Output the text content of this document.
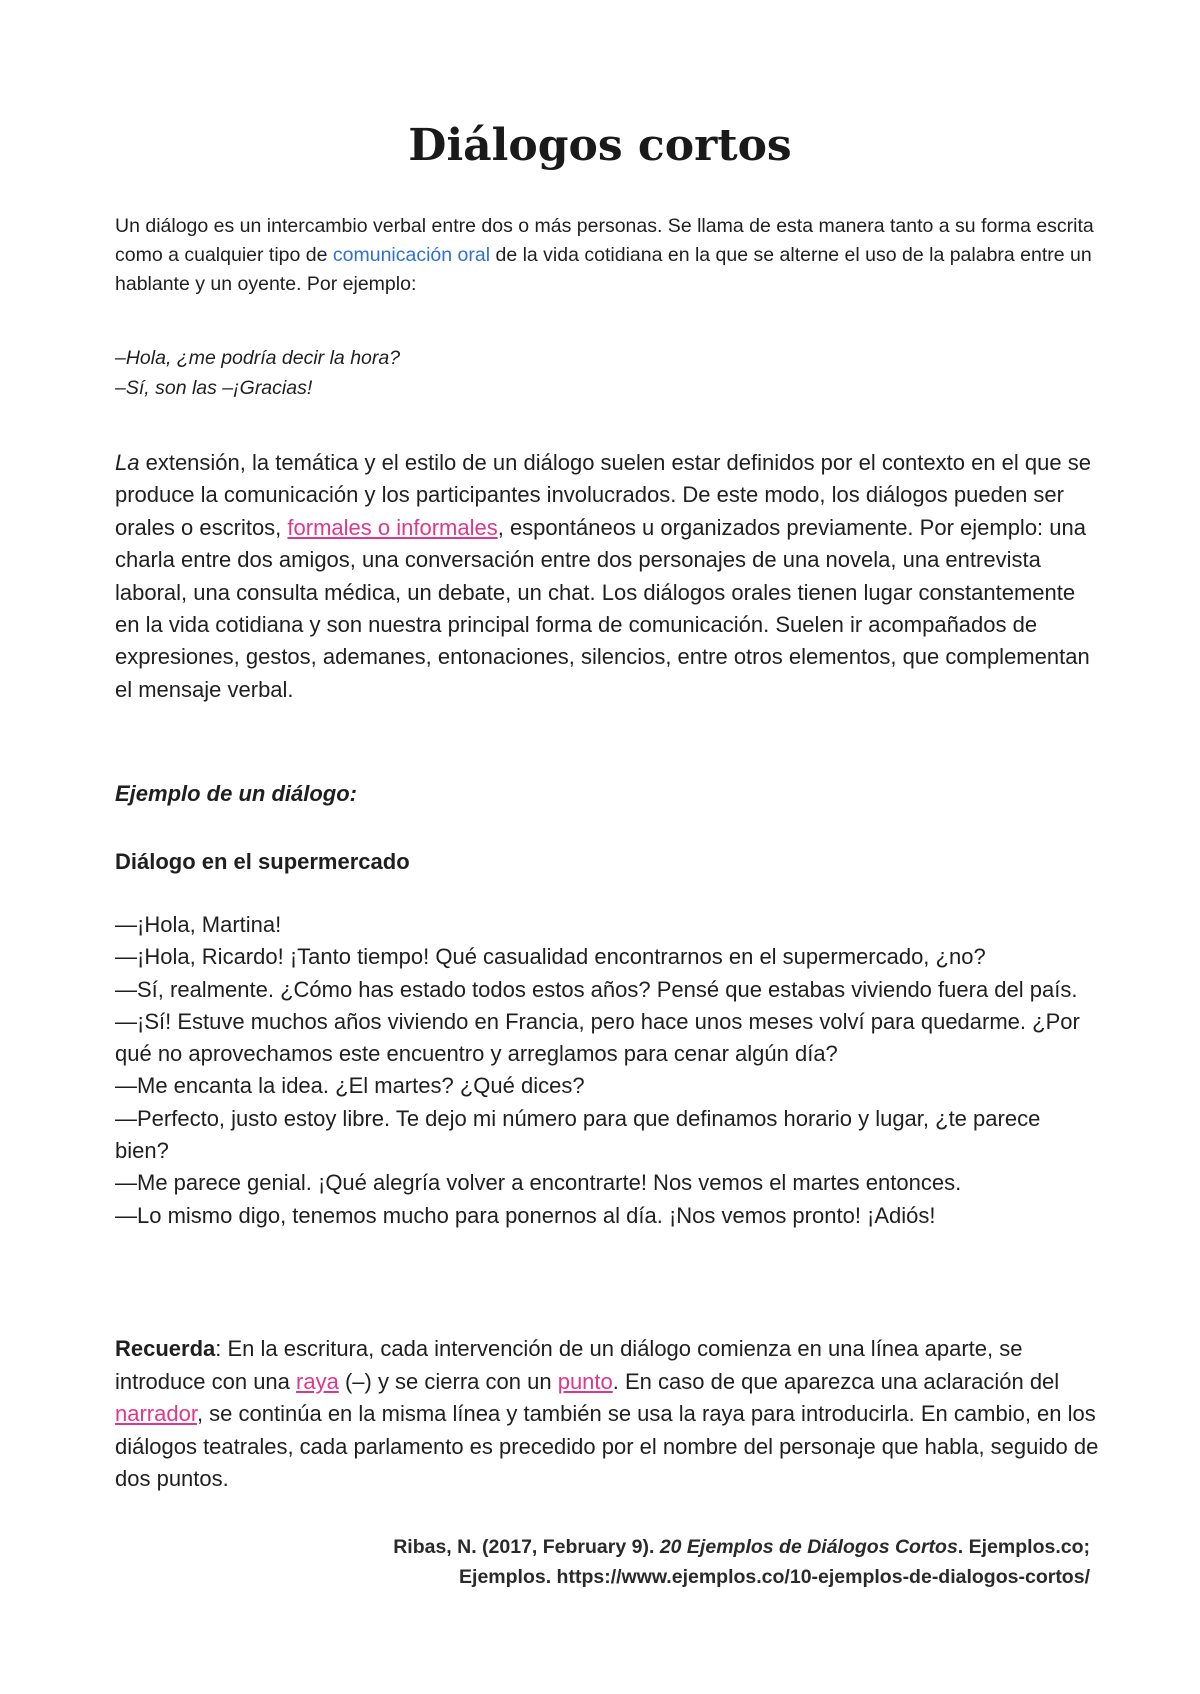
Diálogos cortos

Un diálogo es un intercambio verbal entre dos o más personas. Se llama de esta manera tanto a su forma escrita como a cualquier tipo de comunicación oral de la vida cotidiana en la que se alterne el uso de la palabra entre un hablante y un oyente. Por ejemplo:

–Hola, ¿me podría decir la hora?
–Sí, son las –¡Gracias!

La extensión, la temática y el estilo de un diálogo suelen estar definidos por el contexto en el que se produce la comunicación y los participantes involucrados. De este modo, los diálogos pueden ser orales o escritos, formales o informales, espontáneos u organizados previamente. Por ejemplo: una charla entre dos amigos, una conversación entre dos personajes de una novela, una entrevista laboral, una consulta médica, un debate, un chat. Los diálogos orales tienen lugar constantemente en la vida cotidiana y son nuestra principal forma de comunicación. Suelen ir acompañados de expresiones, gestos, ademanes, entonaciones, silencios, entre otros elementos, que complementan el mensaje verbal.

Ejemplo de un diálogo:

Diálogo en el supermercado

—¡Hola, Martina!
—¡Hola, Ricardo! ¡Tanto tiempo! Qué casualidad encontrarnos en el supermercado, ¿no?
—Sí, realmente. ¿Cómo has estado todos estos años? Pensé que estabas viviendo fuera del país.
—¡Sí! Estuve muchos años viviendo en Francia, pero hace unos meses volví para quedarme. ¿Por qué no aprovechamos este encuentro y arreglamos para cenar algún día?
—Me encanta la idea. ¿El martes? ¿Qué dices?
—Perfecto, justo estoy libre. Te dejo mi número para que definamos horario y lugar, ¿te parece bien?
—Me parece genial. ¡Qué alegría volver a encontrarte! Nos vemos el martes entonces.
—Lo mismo digo, tenemos mucho para ponernos al día. ¡Nos vemos pronto! ¡Adiós!

Recuerda: En la escritura, cada intervención de un diálogo comienza en una línea aparte, se introduce con una raya (–) y se cierra con un punto. En caso de que aparezca una aclaración del narrador, se continúa en la misma línea y también se usa la raya para introducirla. En cambio, en los diálogos teatrales, cada parlamento es precedido por el nombre del personaje que habla, seguido de dos puntos.

Ribas, N. (2017, February 9). 20 Ejemplos de Diálogos Cortos. Ejemplos.co;
Ejemplos. https://www.ejemplos.co/10-ejemplos-de-dialogos-cortos/
